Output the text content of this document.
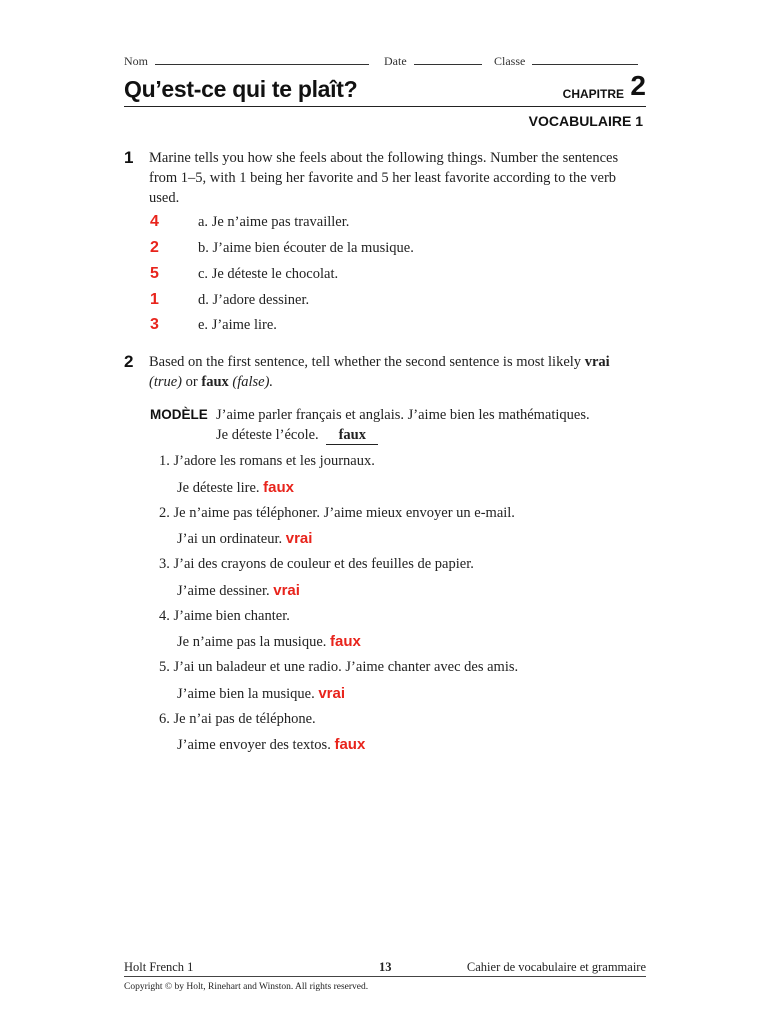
Nom	Date	Classe
Qu’est-ce qui te plaît?	CHAPITRE 2
VOCABULAIRE 1
1 Marine tells you how she feels about the following things. Number the sentences from 1–5, with 1 being her favorite and 5 her least favorite according to the verb used.
4	a. Je n’aime pas travailler.
2	b. J’aime bien écouter de la musique.
5	c. Je déteste le chocolat.
1	d. J’adore dessiner.
3	e. J’aime lire.
2 Based on the first sentence, tell whether the second sentence is most likely vrai
(true) or faux (false).
MODÈLE J’aime parler français et anglais. J’aime bien les mathématiques.
Je déteste l’école. faux
1. J’adore les romans et les journaux.
Je déteste lire. faux
2. Je n’aime pas téléphoner. J’aime mieux envoyer un e-mail.
J’ai un ordinateur. vrai
3. J’ai des crayons de couleur et des feuilles de papier.
J’aime dessiner. vrai
4. J’aime bien chanter.
Je n’aime pas la musique. faux
5. J’ai un baladeur et une radio. J’aime chanter avec des amis.
J’aime bien la musique. vrai
6. Je n’ai pas de téléphone.
J’aime envoyer des textos. faux
Holt French 1	13	Cahier de vocabulaire et grammaire
Copyright © by Holt, Rinehart and Winston. All rights reserved.
